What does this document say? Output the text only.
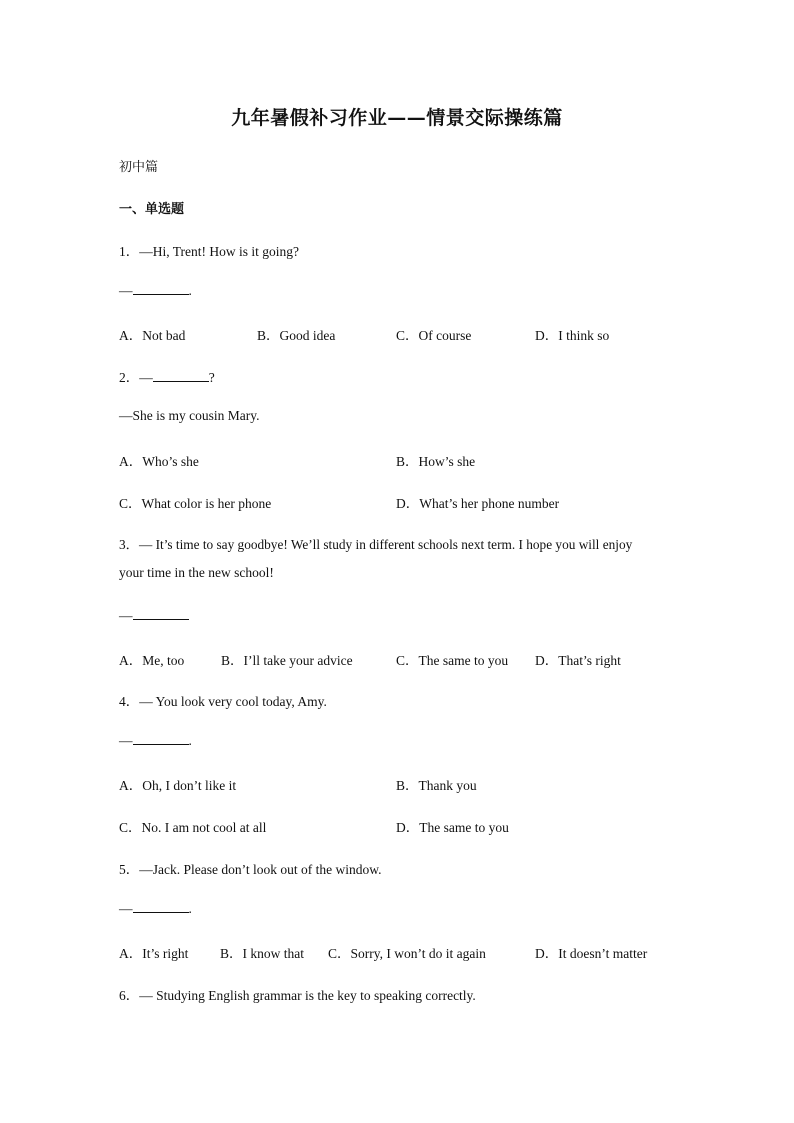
九年暑假补习作业——情景交际操练篇
初中篇
一、单选题
1．—Hi, Trent! How is it going?
—	.
A．Not bad	B．Good idea	C．Of course	D．I think so
2．—	?
—She is my cousin Mary.
A．Who’s she	B．How’s she
C．What color is her phone	D．What’s her phone number
3．— It’s time to say goodbye! We’ll study in different schools next term. I hope you will enjoy
your time in the new school!
—
A．Me, too	B．I’ll take your advice	C．The same to you D．That’s right
4．— You look very cool today, Amy.
—	.
A．Oh, I don’t like it	B．Thank you
C．No. I am not cool at all	D．The same to you
5．—Jack. Please don’t look out of the window.
—	.
A．It’s right B．I know that C．Sorry, I won’t do it again	D．It doesn’t matter
6．— Studying English grammar is the key to speaking correctly.
